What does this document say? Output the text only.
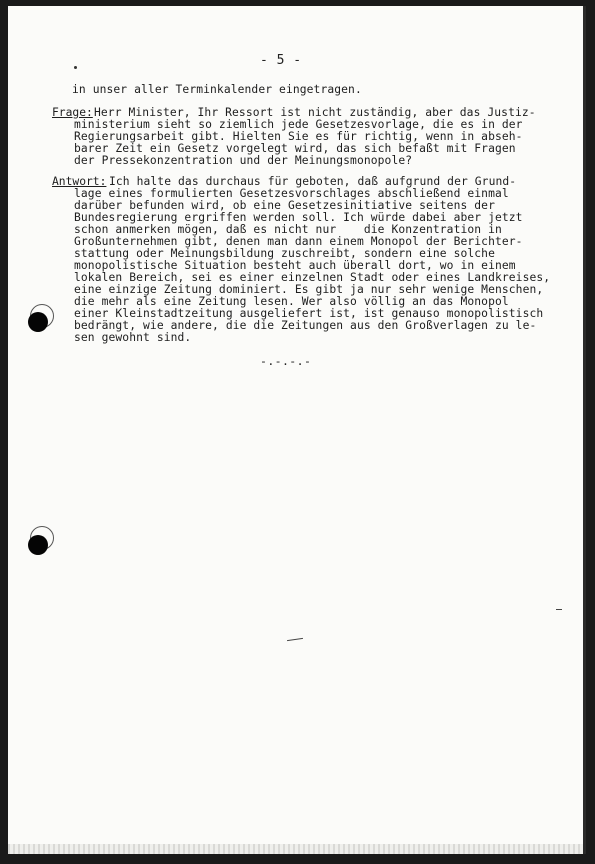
- 5 -
in unser aller Terminkalender eingetragen.
Frage: Herr Minister, Ihr Ressort ist nicht zuständig, aber das Justiz-
ministerium sieht so ziemlich jede Gesetzesvorlage, die es in der
Regierungsarbeit gibt. Hielten Sie es für richtig, wenn in abseh-
barer Zeit ein Gesetz vorgelegt wird, das sich befaßt mit Fragen
der Pressekonzentration und der Meinungsmonopole?
Antwort: Ich halte das durchaus für geboten, daß aufgrund der Grund-
lage eines formulierten Gesetzesvorschlages abschließend einmal
darüber befunden wird, ob eine Gesetzesinitiative seitens der
Bundesregierung ergriffen werden soll. Ich würde dabei aber jetzt
schon anmerken mögen, daß es nicht nur    die Konzentration in
Großunternehmen gibt, denen man dann einem Monopol der Berichter-
stattung oder Meinungsbildung zuschreibt, sondern eine solche
monopolistische Situation besteht auch überall dort, wo in einem
lokalen Bereich, sei es einer einzelnen Stadt oder eines Landkreises,
eine einzige Zeitung dominiert. Es gibt ja nur sehr wenige Menschen,
die mehr als eine Zeitung lesen. Wer also völlig an das Monopol
einer Kleinstadtzeitung ausgeliefert ist, ist genauso monopolistisch
bedrängt, wie andere, die die Zeitungen aus den Großverlagen zu le-
sen gewohnt sind.
-.-.-.-
